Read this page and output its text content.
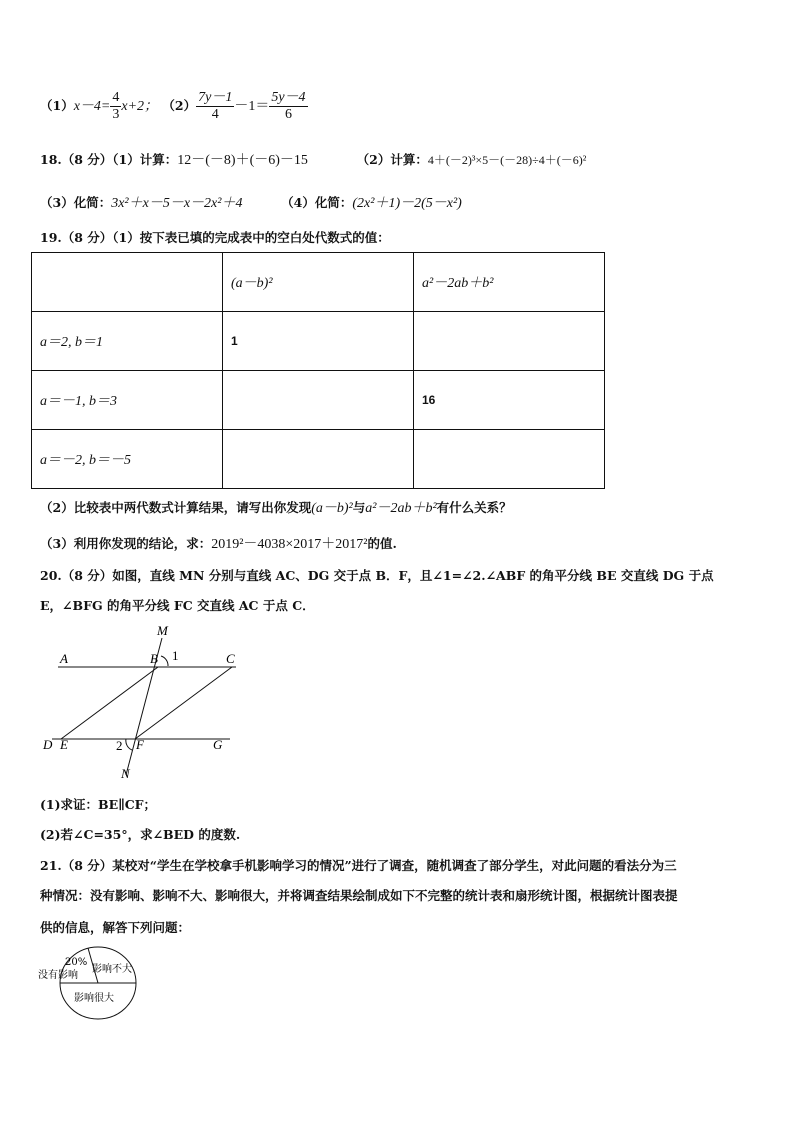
$(1)x-4= \frac{4}{3} x+2$； $(2) \frac{7y-1}{4} -1= \frac{5y-4}{6}$
18.（8 分）（1）计算：12－(－8)＋(－6)－15	（2）计算：4＋(－2)³×5－(－28)÷4＋(－6)²
（3）化简：3x²＋x－5－x－2x²＋4	（4）化简：(2x²＋1)－2(5－x²)
19.（8 分）（1）按下表已填的完成表中的空白处代数式的值：
	(a－b)²	a²－2ab＋b²
a＝2, b＝1	1	
a＝－1, b＝3		16
a＝－2, b＝－5		
（2）比较表中两代数式计算结果，请写出你发现(a－b)²与a²－2ab＋b²有什么关系？
（3）利用你发现的结论，求：2019²－4038×2017＋2017²的值.
20.（8 分）如图，直线 MN 分别与直线 AC、DG 交于点 B．F，且∠1=∠2.∠ABF 的角平分线 BE 交直线 DG 于点
E，∠BFG 的角平分线 FC 交直线 AC 于点 C．
M
A	B 1	C
D E	2 F	G
N
(1)求证：BE∥CF；
(2)若∠C=35°，求∠BED 的度数.
21.（8 分）某校对“学生在学校拿手机影响学习的情况”进行了调查，随机调查了部分学生，对此问题的看法分为三
种情况：没有影响、影响不大、影响很大，并将调查结果绘制成如下不完整的统计表和扇形统计图，根据统计图表提
供的信息，解答下列问题：
20%
没有影响
影响不大
影响很大
